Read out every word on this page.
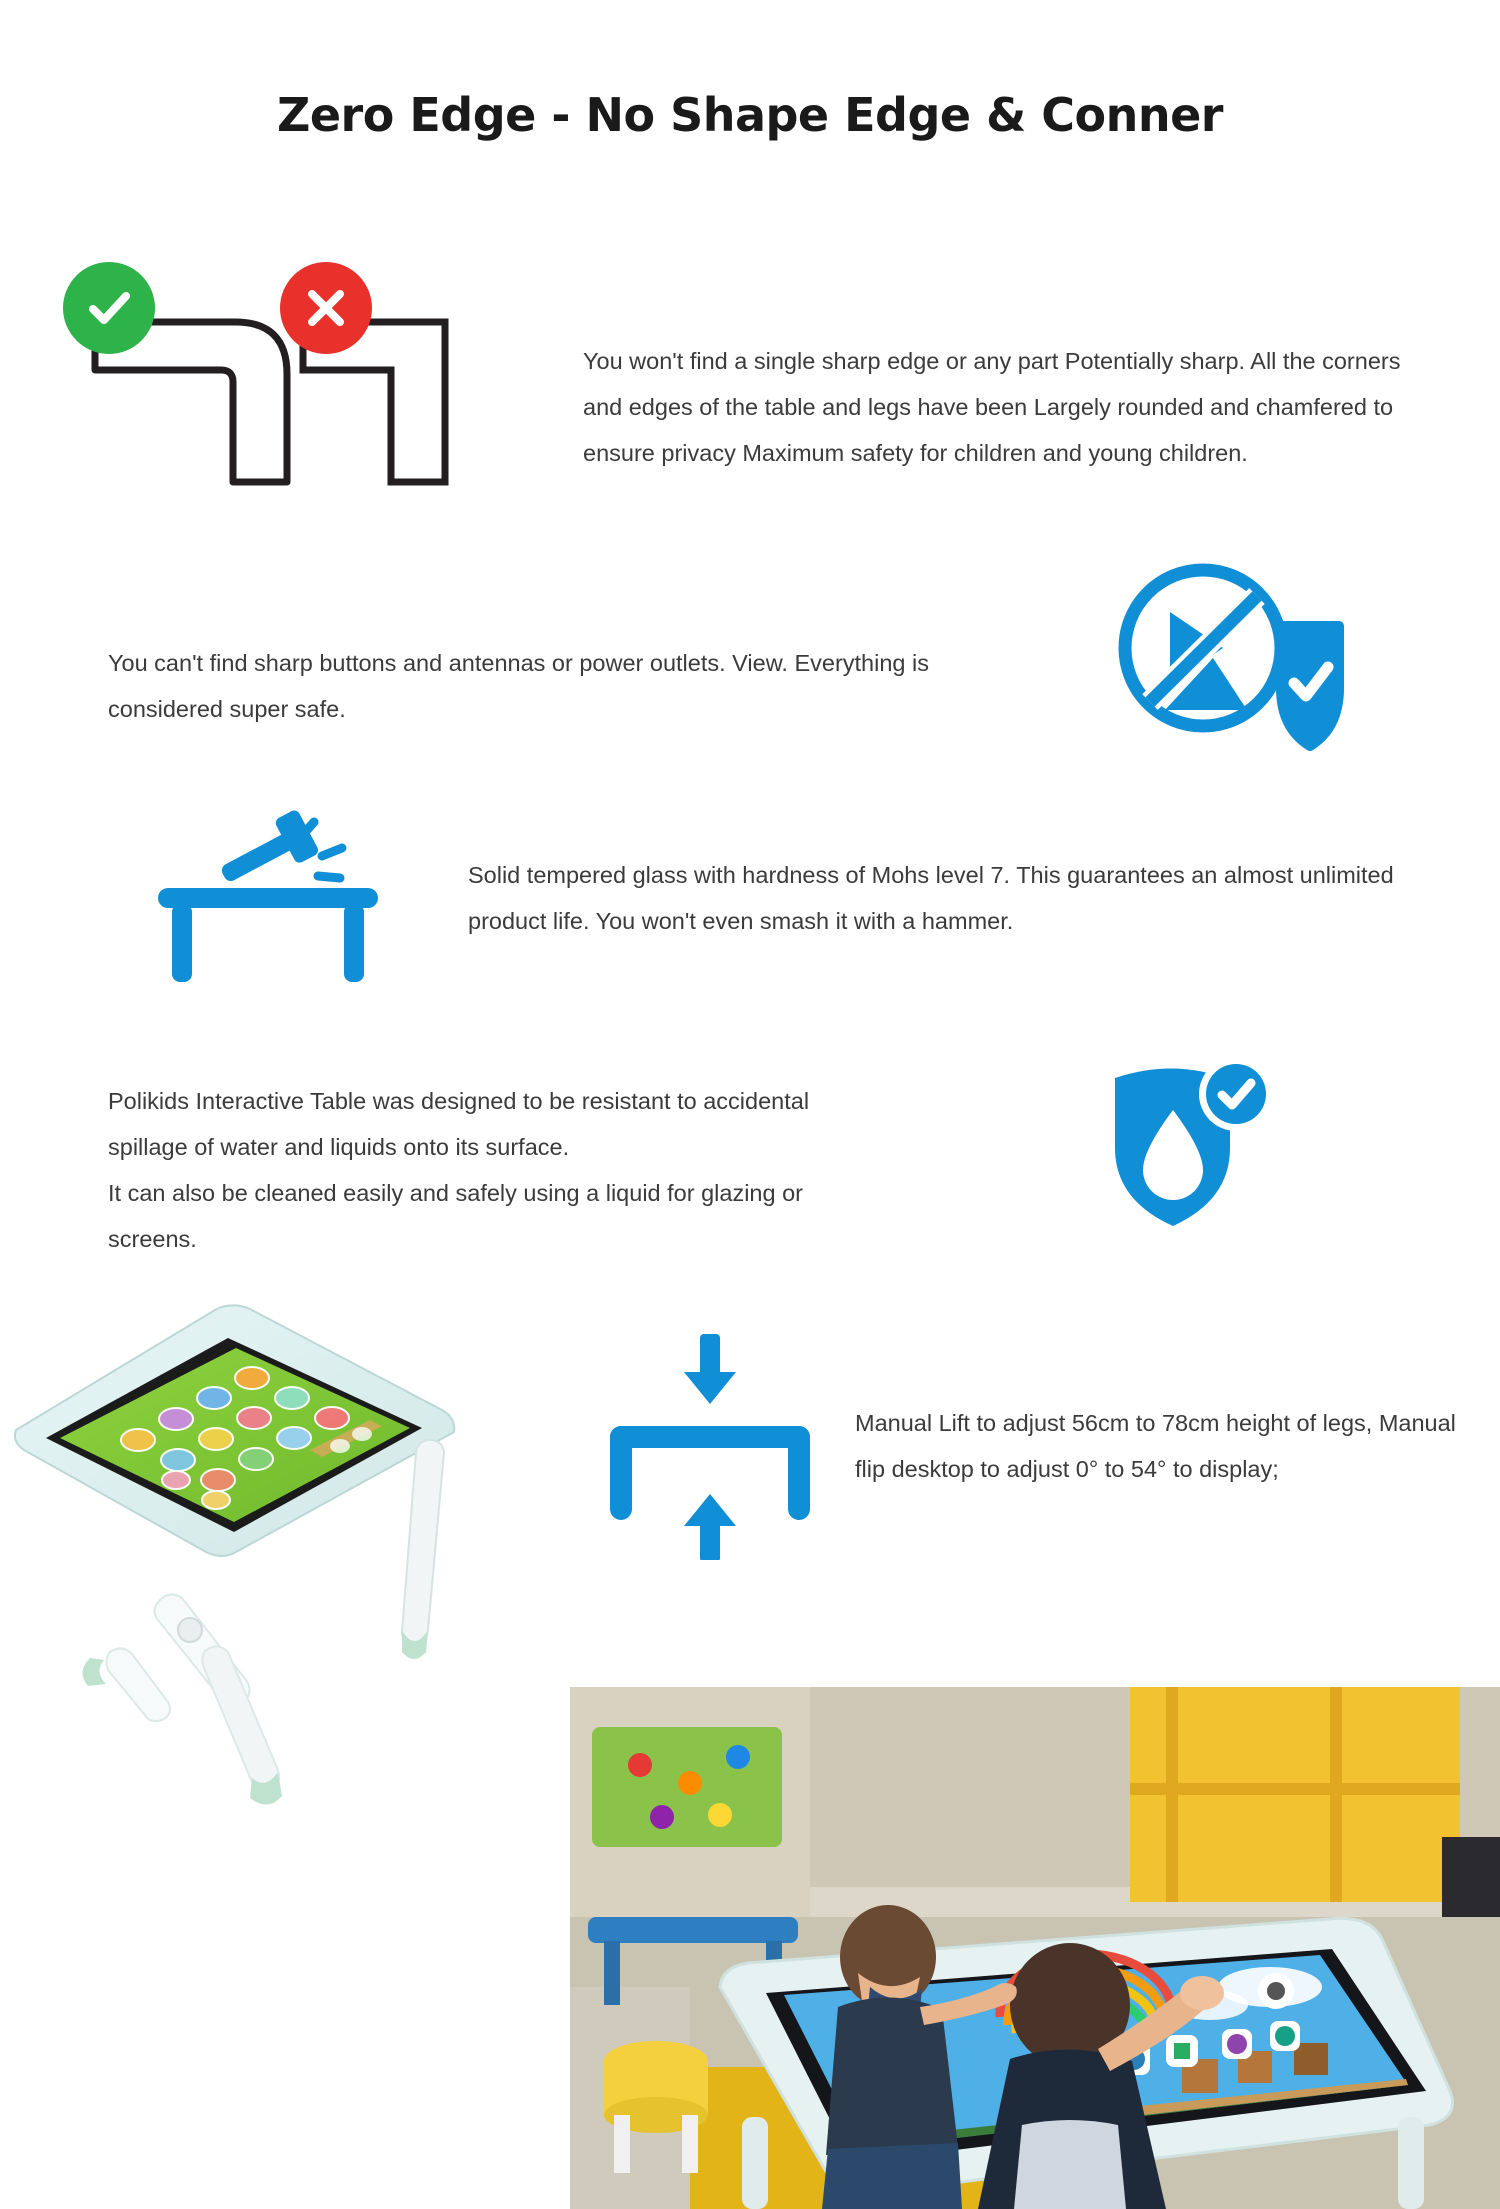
Zero Edge - No Shape Edge & Conner
You won't find a single sharp edge or any part Potentially sharp. All the corners and edges of the table and legs have been Largely rounded and chamfered to ensure privacy Maximum safety for children and young children.
You can't find sharp buttons and antennas or power outlets. View. Everything is considered super safe.
Solid tempered glass with hardness of Mohs level 7. This guarantees an almost unlimited product life. You won't even smash it with a hammer.
Polikids Interactive Table was designed to be resistant to accidental
spillage of water and liquids onto its surface.
It can also be cleaned easily and safely using a liquid for glazing or
screens.
Manual Lift to adjust 56cm to 78cm height of legs, Manual flip desktop to adjust 0° to 54° to display;
